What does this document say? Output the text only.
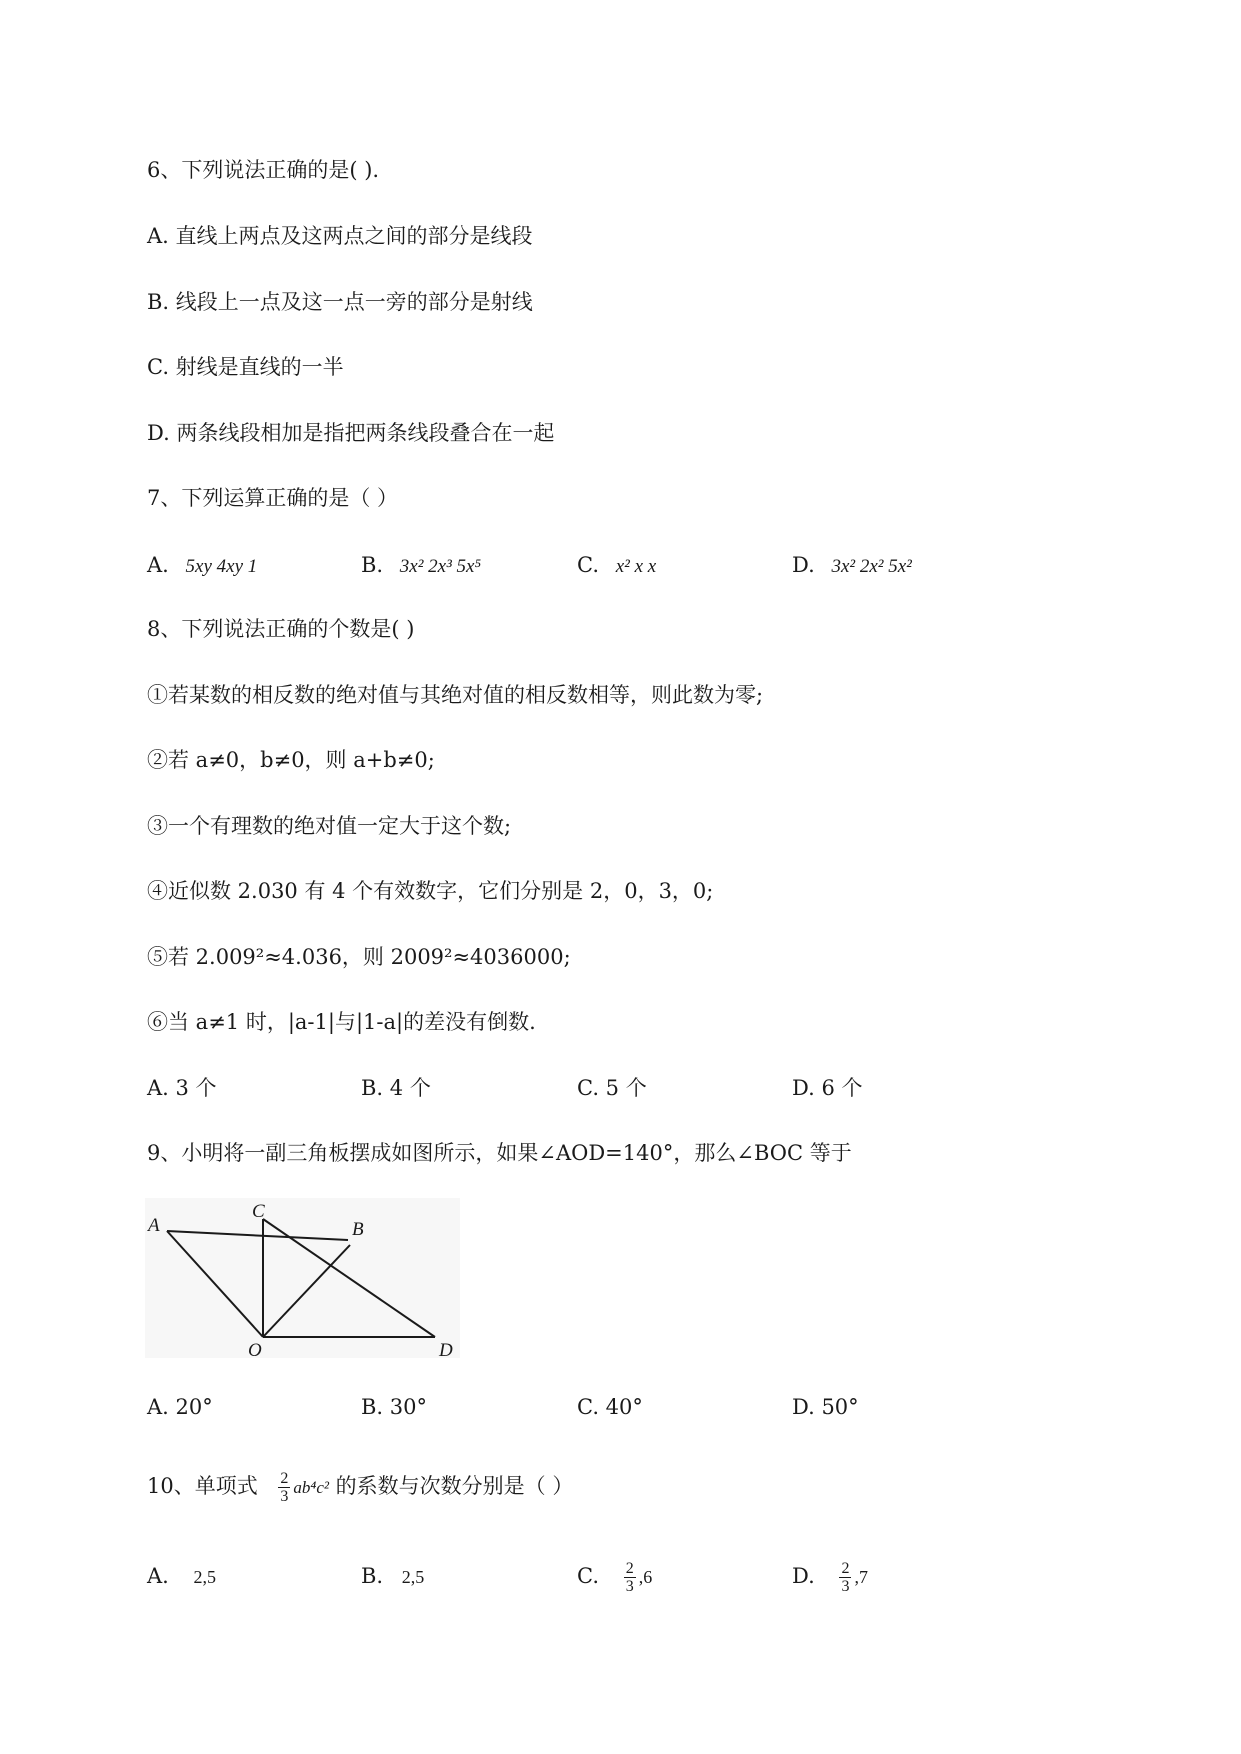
6、下列说法正确的是( ).
A. 直线上两点及这两点之间的部分是线段
B. 线段上一点及这一点一旁的部分是射线
C. 射线是直线的一半
D. 两条线段相加是指把两条线段叠合在一起
7、下列运算正确的是（ ）
A. 5xy 4xy 1	B. 3x² 2x³ 5x⁵	C. x² x x	D. 3x² 2x² 5x²
8、下列说法正确的个数是( )
①若某数的相反数的绝对值与其绝对值的相反数相等，则此数为零;
②若 a≠0，b≠0，则 a+b≠0;
③一个有理数的绝对值一定大于这个数;
④近似数 2.030 有 4 个有效数字，它们分别是 2，0，3，0;
⑤若 2.009²≈4.036，则 2009²≈4036000;
⑥当 a≠1 时，|a-1|与|1-a|的差没有倒数.
A. 3 个	B. 4 个	C. 5 个	D. 6 个
9、小明将一副三角板摆成如图所示，如果∠AOD=140°，那么∠BOC 等于
A
C
B
O	D
A. 20°	B. 30°	C. 40°	D. 50°
10、单项式 $\frac{2}{3} ab^4c^2$ 的系数与次数分别是（ ）
A. 2,5	B. 2,5	C. $\frac{2}{3} ,6$	D. $\frac{2}{3} ,7$
